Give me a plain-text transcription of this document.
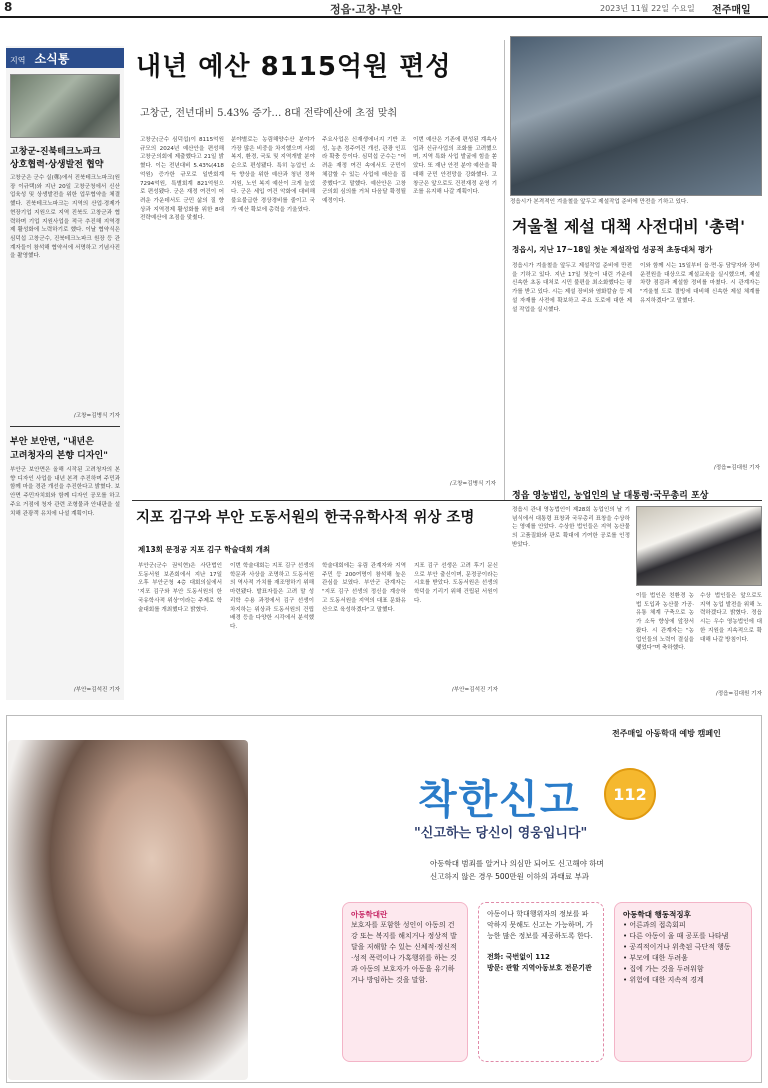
8	정읍·고창·부안	2023년 11월 22일 수요일 전주매일
지역 소식통
고창군-진북테크노파크
상호협력·상생발전 협약
고창군은 군수 실(鄭)에서 진북테크노파크(원장 이규택)와 지난 20일 고창군청에서 신산업육성 및 상생발전을 위한 업무협약을 체결했다. 진북테크노파크는 지역의 산업·경제가 현장기업 지원으로 지역 진북도 고창군과 협력하며 기업 지원사업을 적극 추진해 지역경제 활성화에 노력하기로 했다. 이날 협약식은 심덕섭 고창군수, 진북테크노파크 원장 등 관계자들이 참석해 협약서에 서명하고 기념사진을 촬영했다.
/고창=김병식 기자
부안 보안면, "내년은
고려청자의 본향 디자인"
부안군 보안면은 올해 시작된 고려청자의 본향 디자인 사업을 내년 본격 추진하며 주민과 함께 마을 경관 개선을 추진한다고 밝혔다. 보안면 주민자치회와 함께 디자인 공모를 하고 주요 거점에 청자 관련 조형물과 안내판을 설치해 관광객 유치에 나설 계획이다.
/부안=김석진 기자
내년 예산 8115억원 편성
고창군, 전년대비 5.43% 증가… 8대 전략예산에 초점 맞춰
고창군(군수 심덕섭)이 8115억원 규모의 2024년 예산안을 편성해 고창군의회에 제출했다고 21일 밝혔다. 이는 전년대비 5.43%(418억원) 증가한 규모로 일반회계 7294억원, 특별회계 821억원으로 편성됐다. 군은 재정 여건이 어려운 가운데서도 군민 삶의 질 향상과 지역경제 활성화를 위한 8대 전략예산에 초점을 맞췄다.
분야별로는 농림해양수산 분야가 가장 많은 비중을 차지했으며 사회복지, 환경, 국토 및 지역개발 분야 순으로 편성됐다. 특히 농업인 소득 향상을 위한 예산과 청년 정착 지원, 노인 복지 예산이 크게 늘었다. 군은 세입 여건 악화에 대비해 불요불급한 경상경비를 줄이고 국가 예산 확보에 총력을 기울였다.
주요사업은 신재생에너지 기반 조성, 농촌 정주여건 개선, 관광 인프라 확충 등이다. 심덕섭 군수는 "어려운 재정 여건 속에서도 군민이 체감할 수 있는 사업에 예산을 집중했다"고 말했다. 예산안은 고창군의회 심의를 거쳐 다음달 확정될 예정이다.
이번 예산은 기존에 편성된 계속사업과 신규사업의 조화를 고려했으며, 지역 특화 사업 발굴에 힘을 쏟았다. 또 재난 안전 분야 예산을 확대해 군민 안전망을 강화했다. 고창군은 앞으로도 건전재정 운영 기조를 유지해 나갈 계획이다.
/고창=김병식 기자
정읍시가 본격적인 겨울철을 앞두고 제설작업 준비에 만전을 기하고 있다.
겨울철 제설 대책 사전대비 '총력'
정읍시, 지난 17~18일 첫눈 제설작업 성공적 초동대처 평가
정읍시가 겨울철을 앞두고 제설작업 준비에 만전을 기하고 있다. 지난 17일 첫눈이 내린 가운데 신속한 초동 대처로 시민 불편을 최소화했다는 평가를 받고 있다. 시는 제설 장비와 염화칼슘 등 제설 자재를 사전에 확보하고 주요 도로에 대한 제설 작업을 실시했다.
이와 함께 시는 15일부터 읍·면·동 담당자와 장비운전원을 대상으로 제설교육을 실시했으며, 제설차량 점검과 제설함 정비를 마쳤다. 시 관계자는 "겨울철 도로 결빙에 대비해 신속한 제설 체계를 유지하겠다"고 말했다.
/정읍=김대원 기자
지포 김구와 부안 도동서원의 한국유학사적 위상 조명
제13회 문정공 지포 김구 학술대회 개최
부안군(군수 권익현)은 사단법인 도동서원 보존회에서 지난 17일 오후 부안군청 4층 대회의실에서 '지포 김구와 부안 도동서원의 한국유학사적 위상'이라는 주제로 학술대회를 개최했다고 밝혔다.
이번 학술대회는 지포 김구 선생의 학문과 사상을 조명하고 도동서원의 역사적 가치를 재조명하기 위해 마련됐다. 발표자들은 고려 말 성리학 수용 과정에서 김구 선생이 차지하는 위상과 도동서원의 건립 배경 등을 다양한 시각에서 분석했다.
학술대회에는 유림 관계자와 지역 주민 등 200여명이 참석해 높은 관심을 보였다. 부안군 관계자는 "지포 김구 선생의 정신을 계승하고 도동서원을 지역의 대표 문화유산으로 육성하겠다"고 말했다.
지포 김구 선생은 고려 후기 문신으로 부안 출신이며, 문정공이라는 시호를 받았다. 도동서원은 선생의 학덕을 기리기 위해 건립된 서원이다.
/부안=김석진 기자
정읍 영농법인, 농업인의 날 대통령·국무총리 포상
정읍시 관내 영농법인이 제28회 농업인의 날 기념식에서 대통령 표창과 국무총리 표창을 수상하는 영예를 안았다. 수상한 법인들은 지역 농산물의 고품질화와 판로 확대에 기여한 공로를 인정받았다.
이들 법인은 친환경 농법 도입과 농산물 가공·유통 체계 구축으로 농가 소득 향상에 앞장서 왔다. 시 관계자는 "농업인들의 노력이 결실을 맺었다"며 축하했다.
수상 법인들은 앞으로도 지역 농업 발전을 위해 노력하겠다고 밝혔다. 정읍시는 우수 영농법인에 대한 지원을 지속적으로 확대해 나갈 방침이다.
/정읍=김대원 기자
전주매일 아동학대 예방 캠페인
착한신고	112
"신고하는 당신이 영웅입니다"
아동학대 범죄를 알거나 의심만 되어도 신고해야 하며
신고하지 않은 경우 500만원 이하의 과태료 부과
아동학대란
보호자를 포함한 성인이 아동의 건강 또는 복지를 해치거나 정상적 발달을 저해할 수 있는 신체적·정신적·성적 폭력이나 가혹행위를 하는 것과 아동의 보호자가 아동을 유기하거나 방임하는 것을 말함.
아동이나 학대행위자의 정보를 파악하지 못해도 신고는 가능하며, 가능한 많은 정보를 제공하도록 한다.
전화: 국번없이 112
방문: 관할 지역아동보호 전문기관
아동학대 행동적징후
• 어른과의 접촉회피
• 다른 아동이 울 때 공포를 나타냄
• 공격적이거나 위축된 극단적 행동
• 부모에 대한 두려움
• 집에 가는 것을 두려워함
• 위험에 대한 지속적 경계
